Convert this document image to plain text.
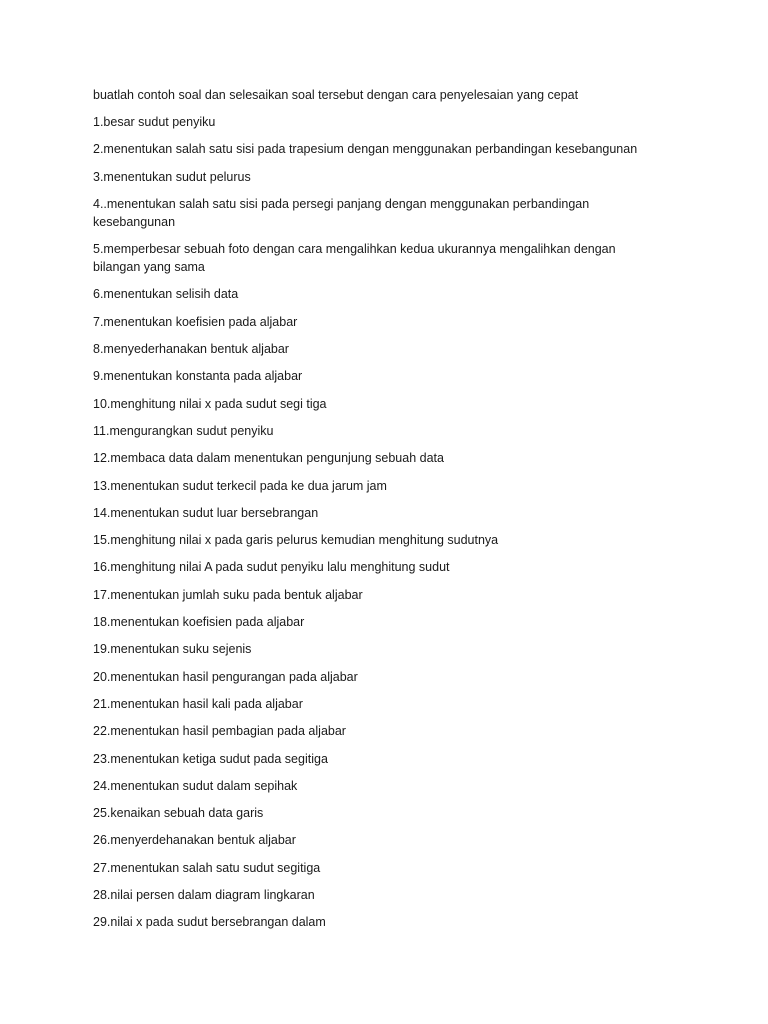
buatlah contoh soal dan selesaikan soal tersebut dengan cara penyelesaian yang cepat

1.besar sudut penyiku

2.menentukan salah satu sisi pada trapesium dengan menggunakan perbandingan kesebangunan

3.menentukan sudut pelurus

4..menentukan salah satu sisi pada persegi panjang dengan menggunakan perbandingan kesebangunan

5.memperbesar sebuah foto dengan cara mengalihkan kedua ukurannya mengalihkan dengan bilangan yang sama

6.menentukan selisih data

7.menentukan koefisien pada aljabar

8.menyederhanakan bentuk aljabar

9.menentukan konstanta pada aljabar

10.menghitung nilai x pada sudut segi tiga

11.mengurangkan sudut penyiku

12.membaca data dalam menentukan pengunjung sebuah data

13.menentukan sudut terkecil pada ke dua jarum jam

14.menentukan sudut luar bersebrangan

15.menghitung nilai x pada garis pelurus kemudian menghitung sudutnya

16.menghitung nilai A pada sudut penyiku lalu menghitung sudut

17.menentukan jumlah suku pada bentuk aljabar

18.menentukan koefisien pada aljabar

19.menentukan suku sejenis

20.menentukan hasil pengurangan pada aljabar

21.menentukan hasil kali pada aljabar

22.menentukan hasil pembagian pada aljabar

23.menentukan ketiga sudut pada segitiga

24.menentukan sudut dalam sepihak

25.kenaikan sebuah data garis

26.menyerdehanakan bentuk aljabar

27.menentukan salah satu sudut segitiga

28.nilai persen dalam diagram lingkaran

29.nilai x pada sudut bersebrangan dalam
